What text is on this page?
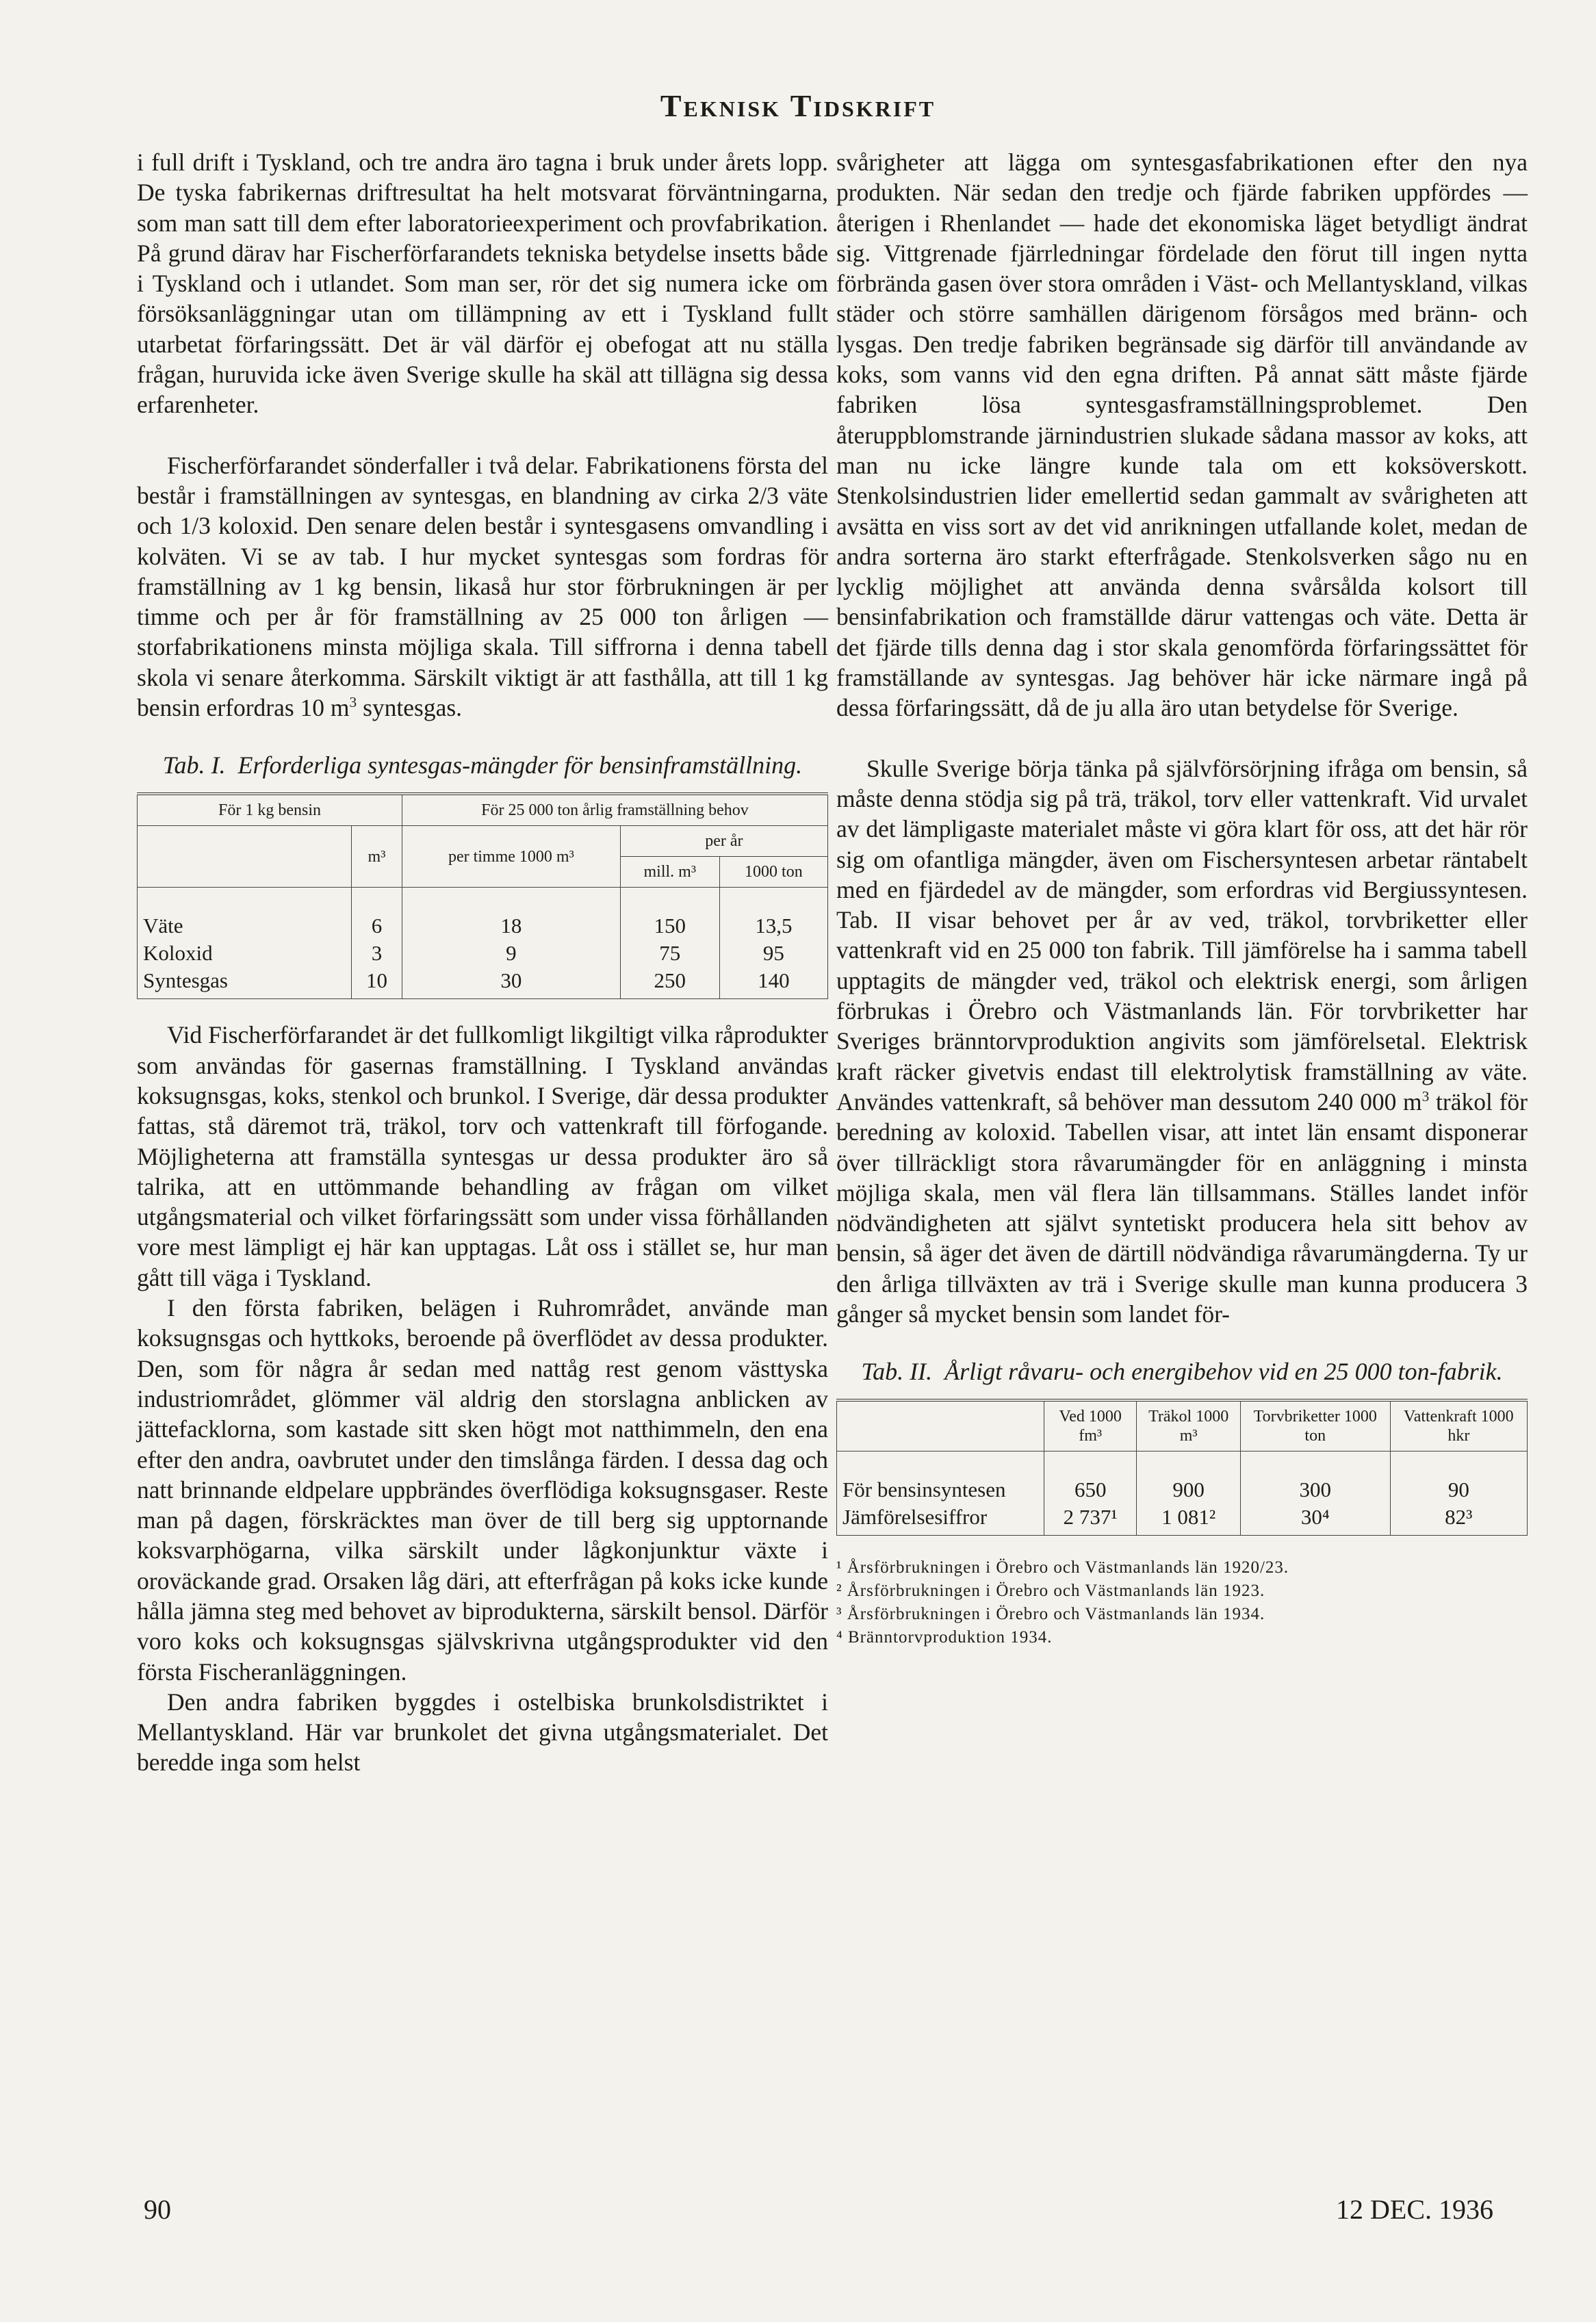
Teknisk Tidskrift

i full drift i Tyskland, och tre andra äro tagna i bruk under årets lopp. De tyska fabrikernas driftresultat ha helt motsvarat förväntningarna, som man satt till dem efter laboratorieexperiment och provfabrikation. På grund därav har Fischerförfarandets tekniska betydelse insetts både i Tyskland och i utlandet. Som man ser, rör det sig numera icke om försöksanläggningar utan om tillämpning av ett i Tyskland fullt utarbetat förfaringssätt. Det är väl därför ej obefogat att nu ställa frågan, huruvida icke även Sverige skulle ha skäl att tillägna sig dessa erfarenheter.

Fischerförfarandet sönderfaller i två delar. Fabrikationens första del består i framställningen av syntesgas, en blandning av cirka 2/3 väte och 1/3 koloxid. Den senare delen består i syntesgasens omvandling i kolväten. Vi se av tab. I hur mycket syntesgas som fordras för framställning av 1 kg bensin, likaså hur stor förbrukningen är per timme och per år för framställning av 25 000 ton årligen — storfabrikationens minsta möjliga skala. Till siffrorna i denna tabell skola vi senare återkomma. Särskilt viktigt är att fasthålla, att till 1 kg bensin erfordras 10 $m^3$ syntesgas.

Tab. I. Erforderliga syntesgas-mängder för bensinframställning.
För 1 kg bensin		För 25 000 ton årlig framställning behov		
	m³	per timme 1000 m³	per år	
			mill. m³	1000 ton
Väte	6	18	150	13,5
Koloxid	3	9	75	95
Syntesgas	10	30	250	140

Vid Fischerförfarandet är det fullkomligt likgiltigt vilka råprodukter som användas för gasernas framställning. I Tyskland användas koksugnsgas, koks, stenkol och brunkol. I Sverige, där dessa produkter fattas, stå däremot trä, träkol, torv och vattenkraft till förfogande. Möjligheterna att framställa syntesgas ur dessa produkter äro så talrika, att en uttömmande behandling av frågan om vilket utgångsmaterial och vilket förfaringssätt som under vissa förhållanden vore mest lämpligt ej här kan upptagas. Låt oss i stället se, hur man gått till väga i Tyskland.

I den första fabriken, belägen i Ruhrområdet, använde man koksugnsgas och hyttkoks, beroende på överflödet av dessa produkter. Den, som för några år sedan med nattåg rest genom västtyska industriområdet, glömmer väl aldrig den storslagna anblicken av jättefacklorna, som kastade sitt sken högt mot natthimmeln, den ena efter den andra, oavbrutet under den timslånga färden. I dessa dag och natt brinnande eldpelare uppbrändes överflödiga koksugnsgaser. Reste man på dagen, förskräcktes man över de till berg sig upptornande koksvarphögarna, vilka särskilt under lågkonjunktur växte i oroväckande grad. Orsaken låg däri, att efterfrågan på koks icke kunde hålla jämna steg med behovet av biprodukterna, särskilt bensol. Därför voro koks och koksugnsgas självskrivna utgångsprodukter vid den första Fischeranläggningen.

Den andra fabriken byggdes i ostelbiska brunkolsdistriktet i Mellantyskland. Här var brunkolet det givna utgångsmaterialet. Det beredde inga som helst

svårigheter att lägga om syntesgasfabrikationen efter den nya produkten. När sedan den tredje och fjärde fabriken uppfördes — återigen i Rhenlandet — hade det ekonomiska läget betydligt ändrat sig. Vittgrenade fjärrledningar fördelade den förut till ingen nytta förbrända gasen över stora områden i Väst- och Mellantyskland, vilkas städer och större samhällen därigenom försågos med bränn- och lysgas. Den tredje fabriken begränsade sig därför till användande av koks, som vanns vid den egna driften. På annat sätt måste fjärde fabriken lösa syntesgasframställningsproblemet. Den återuppblomstrande järnindustrien slukade sådana massor av koks, att man nu icke längre kunde tala om ett koksöverskott. Stenkolsindustrien lider emellertid sedan gammalt av svårigheten att avsätta en viss sort av det vid anrikningen utfallande kolet, medan de andra sorterna äro starkt efterfrågade. Stenkolsverken sågo nu en lycklig möjlighet att använda denna svårsålda kolsort till bensinfabrikation och framställde därur vattengas och väte. Detta är det fjärde tills denna dag i stor skala genomförda förfaringssättet för framställande av syntesgas. Jag behöver här icke närmare ingå på dessa förfaringssätt, då de ju alla äro utan betydelse för Sverige.

Skulle Sverige börja tänka på självförsörjning ifråga om bensin, så måste denna stödja sig på trä, träkol, torv eller vattenkraft. Vid urvalet av det lämpligaste materialet måste vi göra klart för oss, att det här rör sig om ofantliga mängder, även om Fischersyntesen arbetar räntabelt med en fjärdedel av de mängder, som erfordras vid Bergiussyntesen. Tab. II visar behovet per år av ved, träkol, torvbriketter eller vattenkraft vid en 25 000 ton fabrik. Till jämförelse ha i samma tabell upptagits de mängder ved, träkol och elektrisk energi, som årligen förbrukas i Örebro och Västmanlands län. För torvbriketter har Sveriges bränntorvproduktion angivits som jämförelsetal. Elektrisk kraft räcker givetvis endast till elektrolytisk framställning av väte. Användes vattenkraft, så behöver man dessutom 240 000 $m^3$ träkol för beredning av koloxid. Tabellen visar, att intet län ensamt disponerar över tillräckligt stora råvarumängder för en anläggning i minsta möjliga skala, men väl flera län tillsammans. Ställes landet inför nödvändigheten att självt syntetiskt producera hela sitt behov av bensin, så äger det även de därtill nödvändiga råvarumängderna. Ty ur den årliga tillväxten av trä i Sverige skulle man kunna producera 3 gånger så mycket bensin som landet för-

Tab. II. Årligt råvaru- och energibehov vid en 25 000 ton-fabrik.
	Ved 1000 fm³	Träkol 1000 m³	Torvbriketter 1000 ton	Vattenkraft 1000 hkr
För bensinsyntesen	650	900	300	90
Jämförelsesiffror	2 737¹	1 081²	30⁴	82³
¹ Årsförbrukningen i Örebro och Västmanlands län 1920/23.
² Årsförbrukningen i Örebro och Västmanlands län 1923.
³ Årsförbrukningen i Örebro och Västmanlands län 1934.
⁴ Bränntorvproduktion 1934.
90	12 DEC. 1936
